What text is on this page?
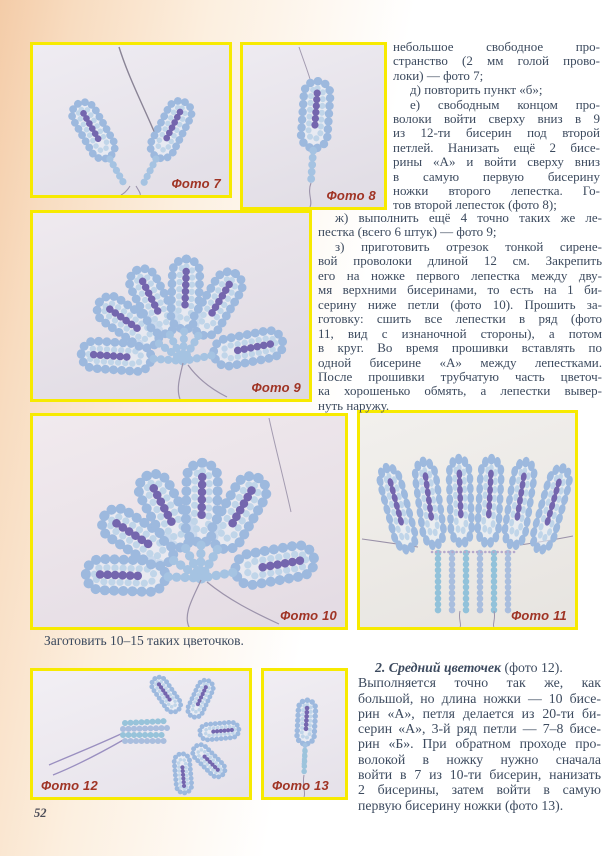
Фото 7
Фото 8
Фото 9
Фото 10	Фото 11
Фото 12	Фото 13
небольшое свободное про-
странство (2 мм голой прово-
локи) — фото 7;
д) повторить пункт «б»;
е) свободным концом про-
волоки войти сверху вниз в 9
из 12-ти бисерин под второй
петлей. Нанизать ещё 2 бисе-
рины «А» и войти сверху вниз
в самую первую бисерину
ножки второго лепестка. Го-
тов второй лепесток (фото 8);
ж) выполнить ещё 4 точно таких же ле-
пестка (всего 6 штук) — фото 9;
з) приготовить отрезок тонкой сирене-
вой проволоки длиной 12 см. Закрепить
его на ножке первого лепестка между дву-
мя верхними бисеринами, то есть на 1 би-
серину ниже петли (фото 10). Прошить за-
готовку: сшить все лепестки в ряд (фото
11, вид с изнаночной стороны), а потом
в круг. Во время прошивки вставлять по
одной бисерине «А» между лепестками.
После прошивки трубчатую часть цветоч-
ка хорошенько обмять, а лепестки вывер-
нуть наружу.
Заготовить 10–15 таких цветочков.
2. Средний цветочек (фото 12).
Выполняется точно так же, как
большой, но длина ножки — 10 бисе-
рин «А», петля делается из 20-ти би-
серин «А», 3-й ряд петли — 7–8 бисе-
рин «Б». При обратном проходе про-
волокой в ножку нужно сначала
войти в 7 из 10-ти бисерин, нанизать
2 бисерины, затем войти в самую
первую бисерину ножки (фото 13).
52
